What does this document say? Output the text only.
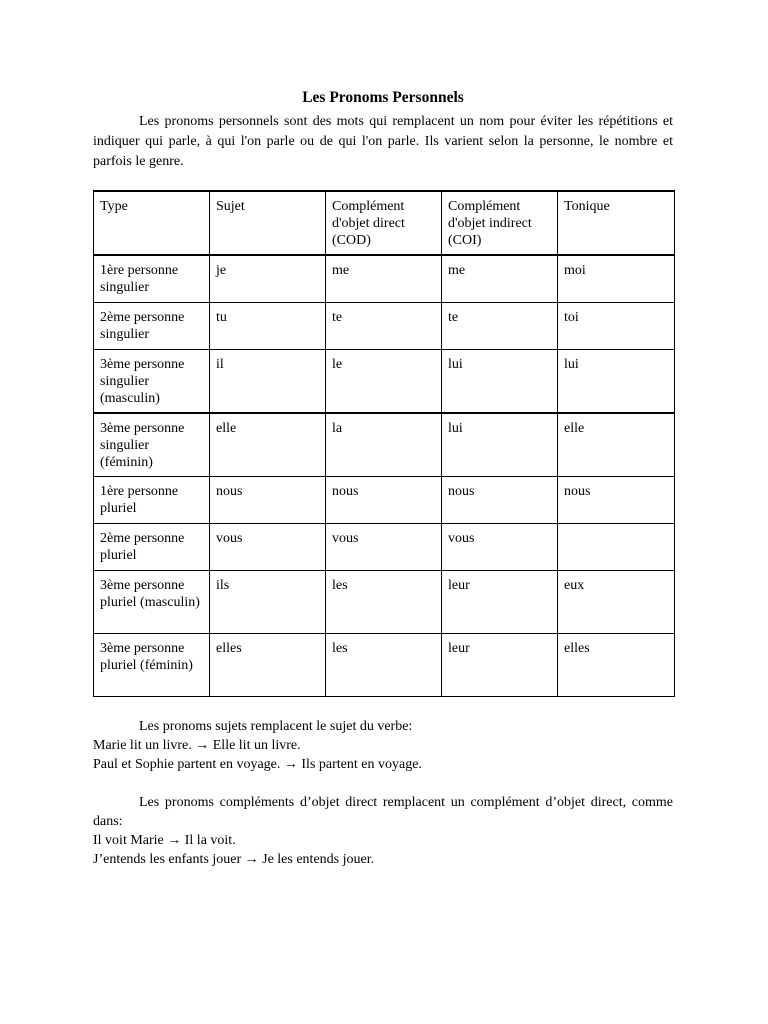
Les Pronoms Personnels

Les pronoms personnels sont des mots qui remplacent un nom pour éviter les répétitions et indiquer qui parle, à qui l'on parle ou de qui l'on parle. Ils varient selon la personne, le nombre et parfois le genre.

Type	Sujet	Complément d'objet direct (COD)	Complément d'objet indirect (COI)	Tonique
1ère personne singulier	je	me	me	moi
2ème personne singulier	tu	te	te	toi
3ème personne singulier (masculin)	il	le	lui	lui
3ème personne singulier (féminin)	elle	la	lui	elle
1ère personne pluriel	nous	nous	nous	nous
2ème personne pluriel	vous	vous	vous	
3ème personne pluriel (masculin)	ils	les	leur	eux
3ème personne pluriel (féminin)	elles	les	leur	elles
Les pronoms sujets remplacent le sujet du verbe:
Marie lit un livre. → Elle lit un livre.
Paul et Sophie partent en voyage. → Ils partent en voyage.
Les pronoms compléments d’objet direct remplacent un complément d’objet direct, comme dans:
Il voit Marie → Il la voit.
J’entends les enfants jouer → Je les entends jouer.
